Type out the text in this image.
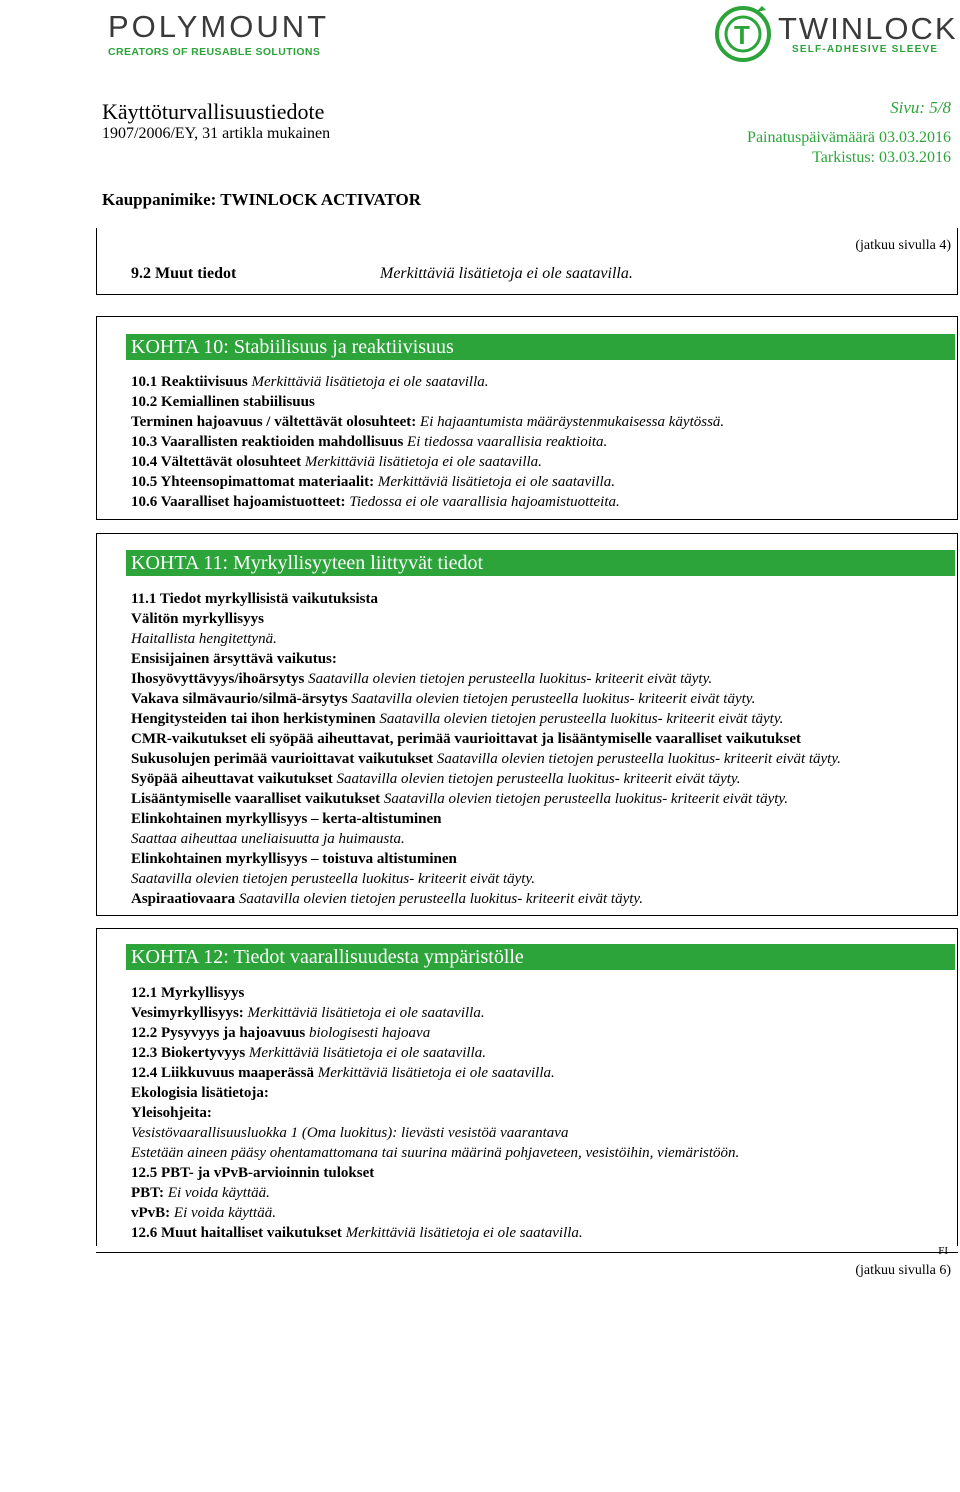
POLYMOUNT
CREATORS OF REUSABLE SOLUTIONS
T TWINLOCK
SELF-ADHESIVE SLEEVE
Käyttöturvallisuustiedote
1907/2006/EY, 31 artikla mukainen
Sivu: 5/8
Painatuspäivämäärä 03.03.2016
Tarkistus: 03.03.2016
Kauppanimike: TWINLOCK ACTIVATOR
(jatkuu sivulla 4)
9.2 Muut tiedot	Merkittäviä lisätietoja ei ole saatavilla.
KOHTA 10: Stabiilisuus ja reaktiivisuus
10.1 Reaktiivisuus Merkittäviä lisätietoja ei ole saatavilla.
10.2 Kemiallinen stabiilisuus
Terminen hajoavuus / vältettävät olosuhteet: Ei hajaantumista määräystenmukaisessa käytössä.
10.3 Vaarallisten reaktioiden mahdollisuus Ei tiedossa vaarallisia reaktioita.
10.4 Vältettävät olosuhteet Merkittäviä lisätietoja ei ole saatavilla.
10.5 Yhteensopimattomat materiaalit: Merkittäviä lisätietoja ei ole saatavilla.
10.6 Vaaralliset hajoamistuotteet: Tiedossa ei ole vaarallisia hajoamistuotteita.
KOHTA 11: Myrkyllisyyteen liittyvät tiedot
11.1 Tiedot myrkyllisistä vaikutuksista
Välitön myrkyllisyys
Haitallista hengitettynä.
Ensisijainen ärsyttävä vaikutus:
Ihosyövyttävyys/ihoärsytys Saatavilla olevien tietojen perusteella luokitus- kriteerit eivät täyty.
Vakava silmävaurio/silmä-ärsytys Saatavilla olevien tietojen perusteella luokitus- kriteerit eivät täyty.
Hengitysteiden tai ihon herkistyminen Saatavilla olevien tietojen perusteella luokitus- kriteerit eivät täyty.
CMR-vaikutukset eli syöpää aiheuttavat, perimää vaurioittavat ja lisääntymiselle vaaralliset vaikutukset
Sukusolujen perimää vaurioittavat vaikutukset Saatavilla olevien tietojen perusteella luokitus- kriteerit eivät täyty.
Syöpää aiheuttavat vaikutukset Saatavilla olevien tietojen perusteella luokitus- kriteerit eivät täyty.
Lisääntymiselle vaaralliset vaikutukset Saatavilla olevien tietojen perusteella luokitus- kriteerit eivät täyty.
Elinkohtainen myrkyllisyys – kerta-altistuminen
Saattaa aiheuttaa uneliaisuutta ja huimausta.
Elinkohtainen myrkyllisyys – toistuva altistuminen
Saatavilla olevien tietojen perusteella luokitus- kriteerit eivät täyty.
Aspiraatiovaara Saatavilla olevien tietojen perusteella luokitus- kriteerit eivät täyty.
KOHTA 12: Tiedot vaarallisuudesta ympäristölle
12.1 Myrkyllisyys
Vesimyrkyllisyys: Merkittäviä lisätietoja ei ole saatavilla.
12.2 Pysyvyys ja hajoavuus biologisesti hajoava
12.3 Biokertyvyys Merkittäviä lisätietoja ei ole saatavilla.
12.4 Liikkuvuus maaperässä Merkittäviä lisätietoja ei ole saatavilla.
Ekologisia lisätietoja:
Yleisohjeita:
Vesistövaarallisuusluokka 1 (Oma luokitus): lievästi vesistöä vaarantava
Estetään aineen pääsy ohentamattomana tai suurina määrinä pohjaveteen, vesistöihin, viemäristöön.
12.5 PBT- ja vPvB-arvioinnin tulokset
PBT: Ei voida käyttää.
vPvB: Ei voida käyttää.
12.6 Muut haitalliset vaikutukset Merkittäviä lisätietoja ei ole saatavilla.
FI
(jatkuu sivulla 6)
